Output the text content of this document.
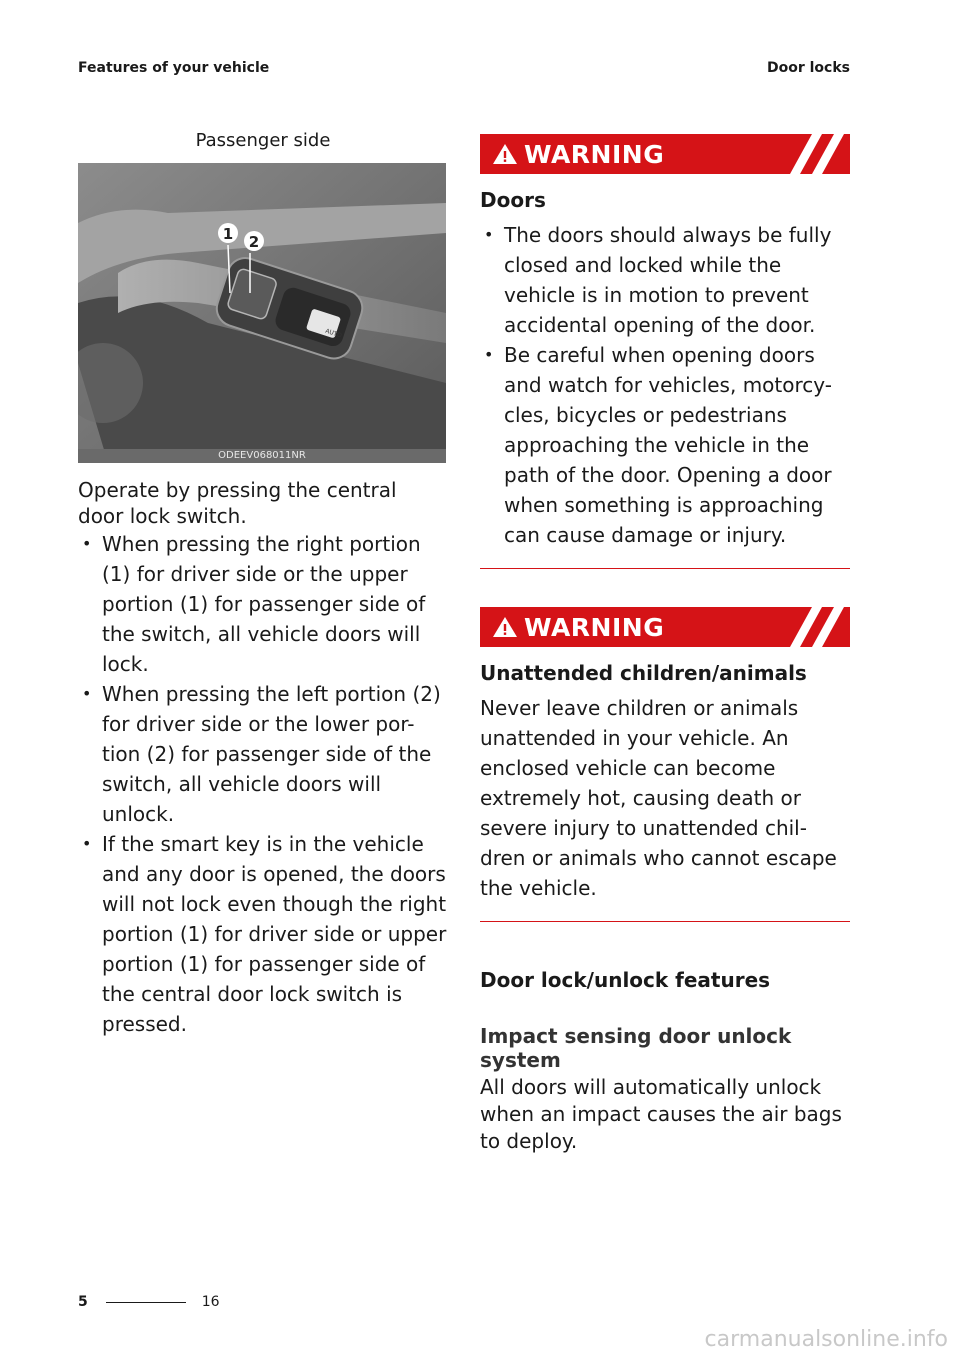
Features of your vehicle	Door locks

Passenger side

1 2
AUTO
ODEEV068011NR

Operate by pressing the central door lock switch.

• When pressing the right portion (1) for driver side or the upper portion (1) for passenger side of the switch, all vehicle doors will lock.
• When pressing the left portion (2) for driver side or the lower por-tion (2) for passenger side of the switch, all vehicle doors will unlock.
• If the smart key is in the vehicle and any door is opened, the doors will not lock even though the right portion (1) for driver side or upper portion (1) for passenger side of the central door lock switch is pressed.
WARNING
Doors
• The doors should always be fully closed and locked while the vehicle is in motion to prevent accidental opening of the door.
• Be careful when opening doors and watch for vehicles, motorcy-cles, bicycles or pedestrians approaching the vehicle in the path of the door. Opening a door when something is approaching can cause damage or injury.
WARNING
Unattended children/animals

Never leave children or animals unattended in your vehicle. An enclosed vehicle can become extremely hot, causing death or severe injury to unattended chil-dren or animals who cannot escape the vehicle.

Door lock/unlock features
Impact sensing door unlock system

All doors will automatically unlock when an impact causes the air bags to deploy.

5	16
carmanualsonline.info
